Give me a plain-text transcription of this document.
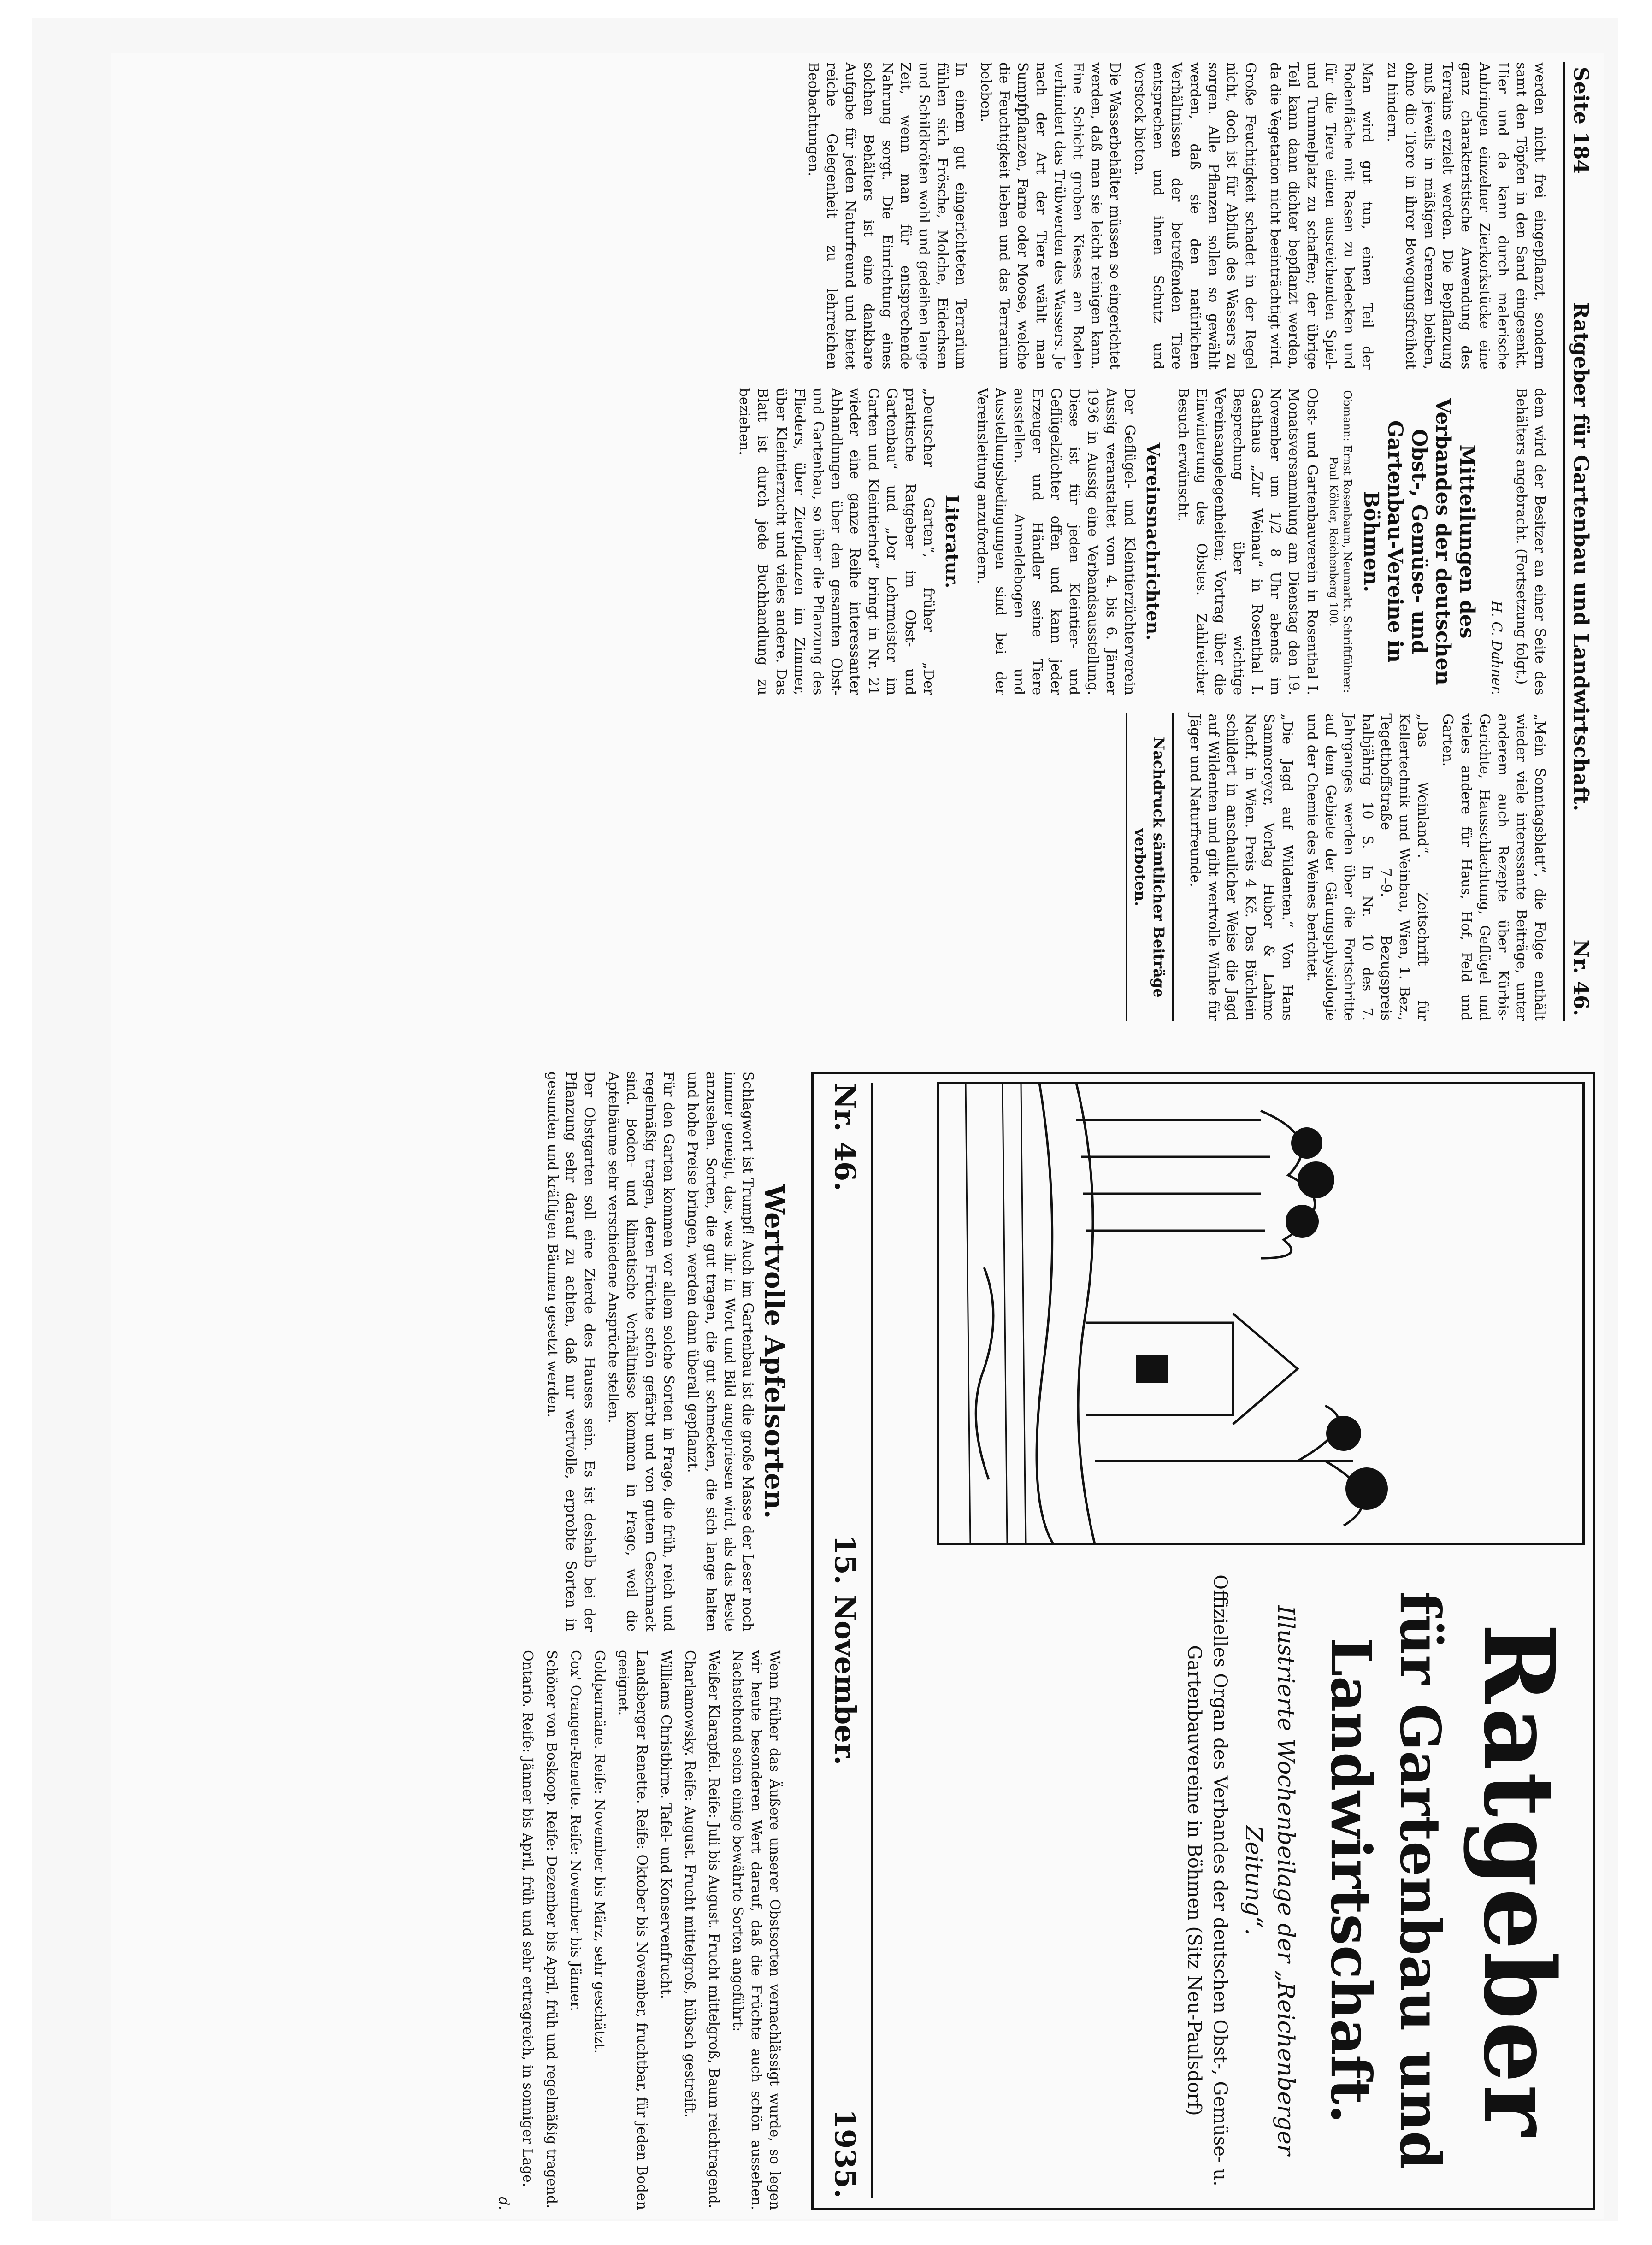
Seite 184
Ratgeber für Gartenbau und Landwirtschaft.
Nr. 46.

werden nicht frei eingepflanzt, sondern samt den Töpfen in den Sand eingesenkt. Hier und da kann durch malerische Anbringen einzelner Zierkorkstücke eine ganz charakteristische Anwendung des Terrains erzielt werden. Die Bepflanzung muß jeweils in mäßigen Grenzen bleiben, ohne die Tiere in ihrer Bewegungsfreiheit zu hindern.

Man wird gut tun, einen Teil der Bodenfläche mit Rasen zu bedecken und für die Tiere einen ausreichenden Spiel- und Tummelplatz zu schaffen; der übrige Teil kann dann dichter bepflanzt werden, da die Vegetation nicht beeinträchtigt wird.

Große Feuchtigkeit schadet in der Regel nicht, doch ist für Abfluß des Wassers zu sorgen. Alle Pflanzen sollen so gewählt werden, daß sie den natürlichen Verhältnissen der betreffenden Tiere entsprechen und ihnen Schutz und Versteck bieten.

Die Wasserbehälter müssen so eingerichtet werden, daß man sie leicht reinigen kann. Eine Schicht groben Kieses am Boden verhindert das Trübwerden des Wassers. Je nach der Art der Tiere wählt man Sumpfpflanzen, Farne oder Moose, welche die Feuchtigkeit lieben und das Terrarium beleben.

In einem gut eingerichteten Terrarium fühlen sich Frösche, Molche, Eidechsen und Schildkröten wohl und gedeihen lange Zeit, wenn man für entsprechende Nahrung sorgt. Die Einrichtung eines solchen Behälters ist eine dankbare Aufgabe für jeden Naturfreund und bietet reiche Gelegenheit zu lehrreichen Beobachtungen.

dem wird der Besitzer an einer Seite des Behälters angebracht. (Fortsetzung folgt.)

H. C. Dahner.

Mitteilungen des Verbandes der deutschen Obst-, Gemüse- und Gartenbau-Vereine in Böhmen.
Obmann: Ernst Rosenbaum, Neumarkt. Schriftführer: Paul Köhler, Reichenberg 100.

Obst- und Gartenbauverein in Rosenthal I. Monatsversammlung am Dienstag den 19. November um 1/2 8 Uhr abends im Gasthaus „Zur Weinau“ in Rosenthal I. Besprechung über wichtige Vereinsangelegenheiten; Vortrag über die Einwinterung des Obstes. Zahlreicher Besuch erwünscht.

Vereinsnachrichten.

Der Geflügel- und Kleintierzüchterverein Aussig veranstaltet vom 4. bis 6. Jänner 1936 in Aussig eine Verbandsausstellung. Diese ist für jeden Kleintier- und Geflügelzüchter offen und kann jeder Erzeuger und Händler seine Tiere ausstellen. Anmeldebogen und Ausstellungsbedingungen sind bei der Vereinsleitung anzufordern.

Literatur.

„Deutscher Garten“, früher „Der praktische Ratgeber im Obst- und Gartenbau“ und „Der Lehrmeister im Garten und Kleintierhof“ bringt in Nr. 21 wieder eine ganze Reihe interessanter Abhandlungen über den gesamten Obst- und Gartenbau, so über die Pflanzung des Flieders, über Zierpflanzen im Zimmer, über Kleintierzucht und vieles andere. Das Blatt ist durch jede Buchhandlung zu beziehen.

„Mein Sonntagsblatt“, die Folge enthält wieder viele interessante Beiträge, unter anderem auch Rezepte über Kürbis-Gerichte, Hausschlachtung, Geflügel und vieles andere für Haus, Hof, Feld und Garten.

„Das Weinland“. Zeitschrift für Kellertechnik und Weinbau, Wien, 1. Bez., Tegetthoffstraße 7–9. Bezugspreis halbjährig 10 S. In Nr. 10 des 7. Jahrganges werden über die Fortschritte auf dem Gebiete der Gärungsphysiologie und der Chemie des Weines berichtet.

„Die Jagd auf Wildenten.“ Von Hans Sammereyer, Verlag Huber & Lahme Nachf. in Wien. Preis 4 Kč. Das Büchlein schildert in anschaulicher Weise die Jagd auf Wildenten und gibt wertvolle Winke für Jäger und Naturfreunde.

Nachdruck sämtlicher Beiträge verboten.
Ratgeber
für Gartenbau und Landwirtschaft.
Illustrierte Wochenbeilage der „Reichenberger Zeitung“.
Offizielles Organ des Verbandes der deutschen Obst-, Gemüse- u. Gartenbauvereine in Böhmen (Sitz Neu-Paulsdorf)
Nr. 46.
15. November.
1935.
Wertvolle Apfelsorten.

Schlagwort ist Trumpf! Auch im Gartenbau ist die große Masse der Leser noch immer geneigt, das, was ihr in Wort und Bild angepriesen wird, als das Beste anzusehen. Sorten, die gut tragen, die gut schmecken, die sich lange halten und hohe Preise bringen, werden dann überall gepflanzt.

Für den Garten kommen vor allem solche Sorten in Frage, die früh, reich und regelmäßig tragen, deren Früchte schön gefärbt und von gutem Geschmack sind. Boden- und klimatische Verhältnisse kommen in Frage, weil die Apfelbäume sehr verschiedene Ansprüche stellen.

Der Obstgarten soll eine Zierde des Hauses sein. Es ist deshalb bei der Pflanzung sehr darauf zu achten, daß nur wertvolle, erprobte Sorten in gesunden und kräftigen Bäumen gesetzt werden.

Wenn früher das Äußere unserer Obstsorten vernachlässigt wurde, so legen wir heute besonderen Wert darauf, daß die Früchte auch schön aussehen. Nachstehend seien einige bewährte Sorten angeführt:

Weißer Klarapfel. Reife: Juli bis August. Frucht mittelgroß, Baum reichtragend.

Charlamowsky. Reife: August. Frucht mittelgroß, hübsch gestreift.

Williams Christbirne. Tafel- und Konservenfrucht.

Landsberger Renette. Reife: Oktober bis November, fruchtbar, für jeden Boden geeignet.

Goldparmäne. Reife: November bis März, sehr geschätzt.

Cox' Orangen-Renette. Reife: November bis Jänner.

Schöner von Boskoop. Reife: Dezember bis April, früh und regelmäßig tragend.

Ontario. Reife: Jänner bis April, früh und sehr ertragreich, in sonniger Lage.

d.
